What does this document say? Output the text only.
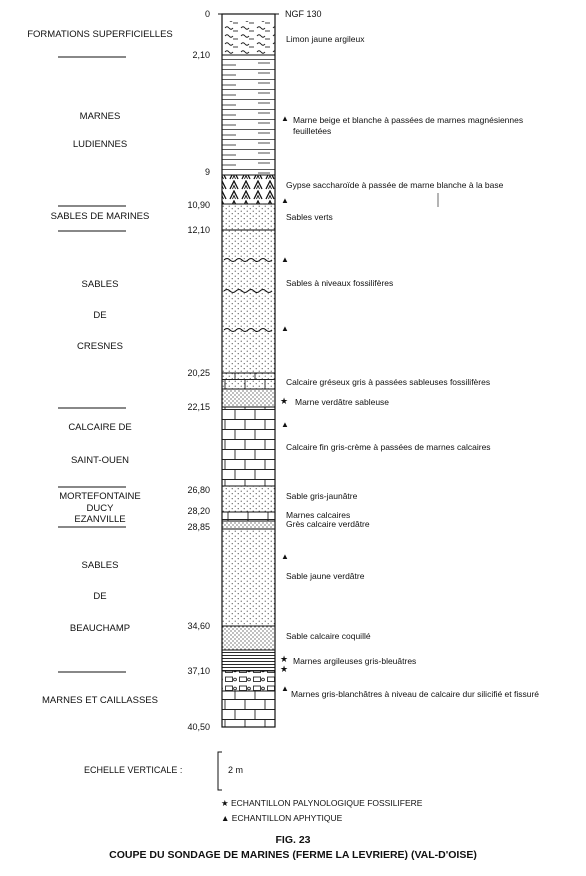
0	NGF 130
2,10
9
10,90
12,10
20,25
22,15
26,80
28,20
28,85
34,60
37,10
40,50
FORMATIONS SUPERFICIELLES
MARNES
LUDIENNES
SABLES DE MARINES
SABLES
DE
CRESNES
CALCAIRE DE
SAINT-OUEN
MORTEFONTAINE
DUCY
EZANVILLE
SABLES
DE
BEAUCHAMP
MARNES ET CAILLASSES
▲
▲
▲
▲
★
▲
▲
★
★
▲
Limon jaune argileux
Marne beige et blanche à passées de marnes magnésiennes
feuilletées
Gypse saccharoïde à passée de marne blanche à la base
Sables verts
Sables à niveaux fossilifères
Calcaire gréseux gris à passées sableuses fossilifères
Marne verdâtre sableuse
Calcaire fin gris-crème à passées de marnes calcaires
Sable gris-jaunâtre
Marnes calcaires
Grès calcaire verdâtre
Sable jaune verdâtre
Sable calcaire coquillé
Marnes argileuses gris-bleuâtres
Marnes gris-blanchâtres à niveau de calcaire dur silicifié et fissuré
ECHELLE VERTICALE :	2 m
★ ECHANTILLON PALYNOLOGIQUE FOSSILIFERE
▲ ECHANTILLON APHYTIQUE
FIG. 23
COUPE DU SONDAGE DE MARINES (FERME LA LEVRIERE) (VAL-D'OISE)
